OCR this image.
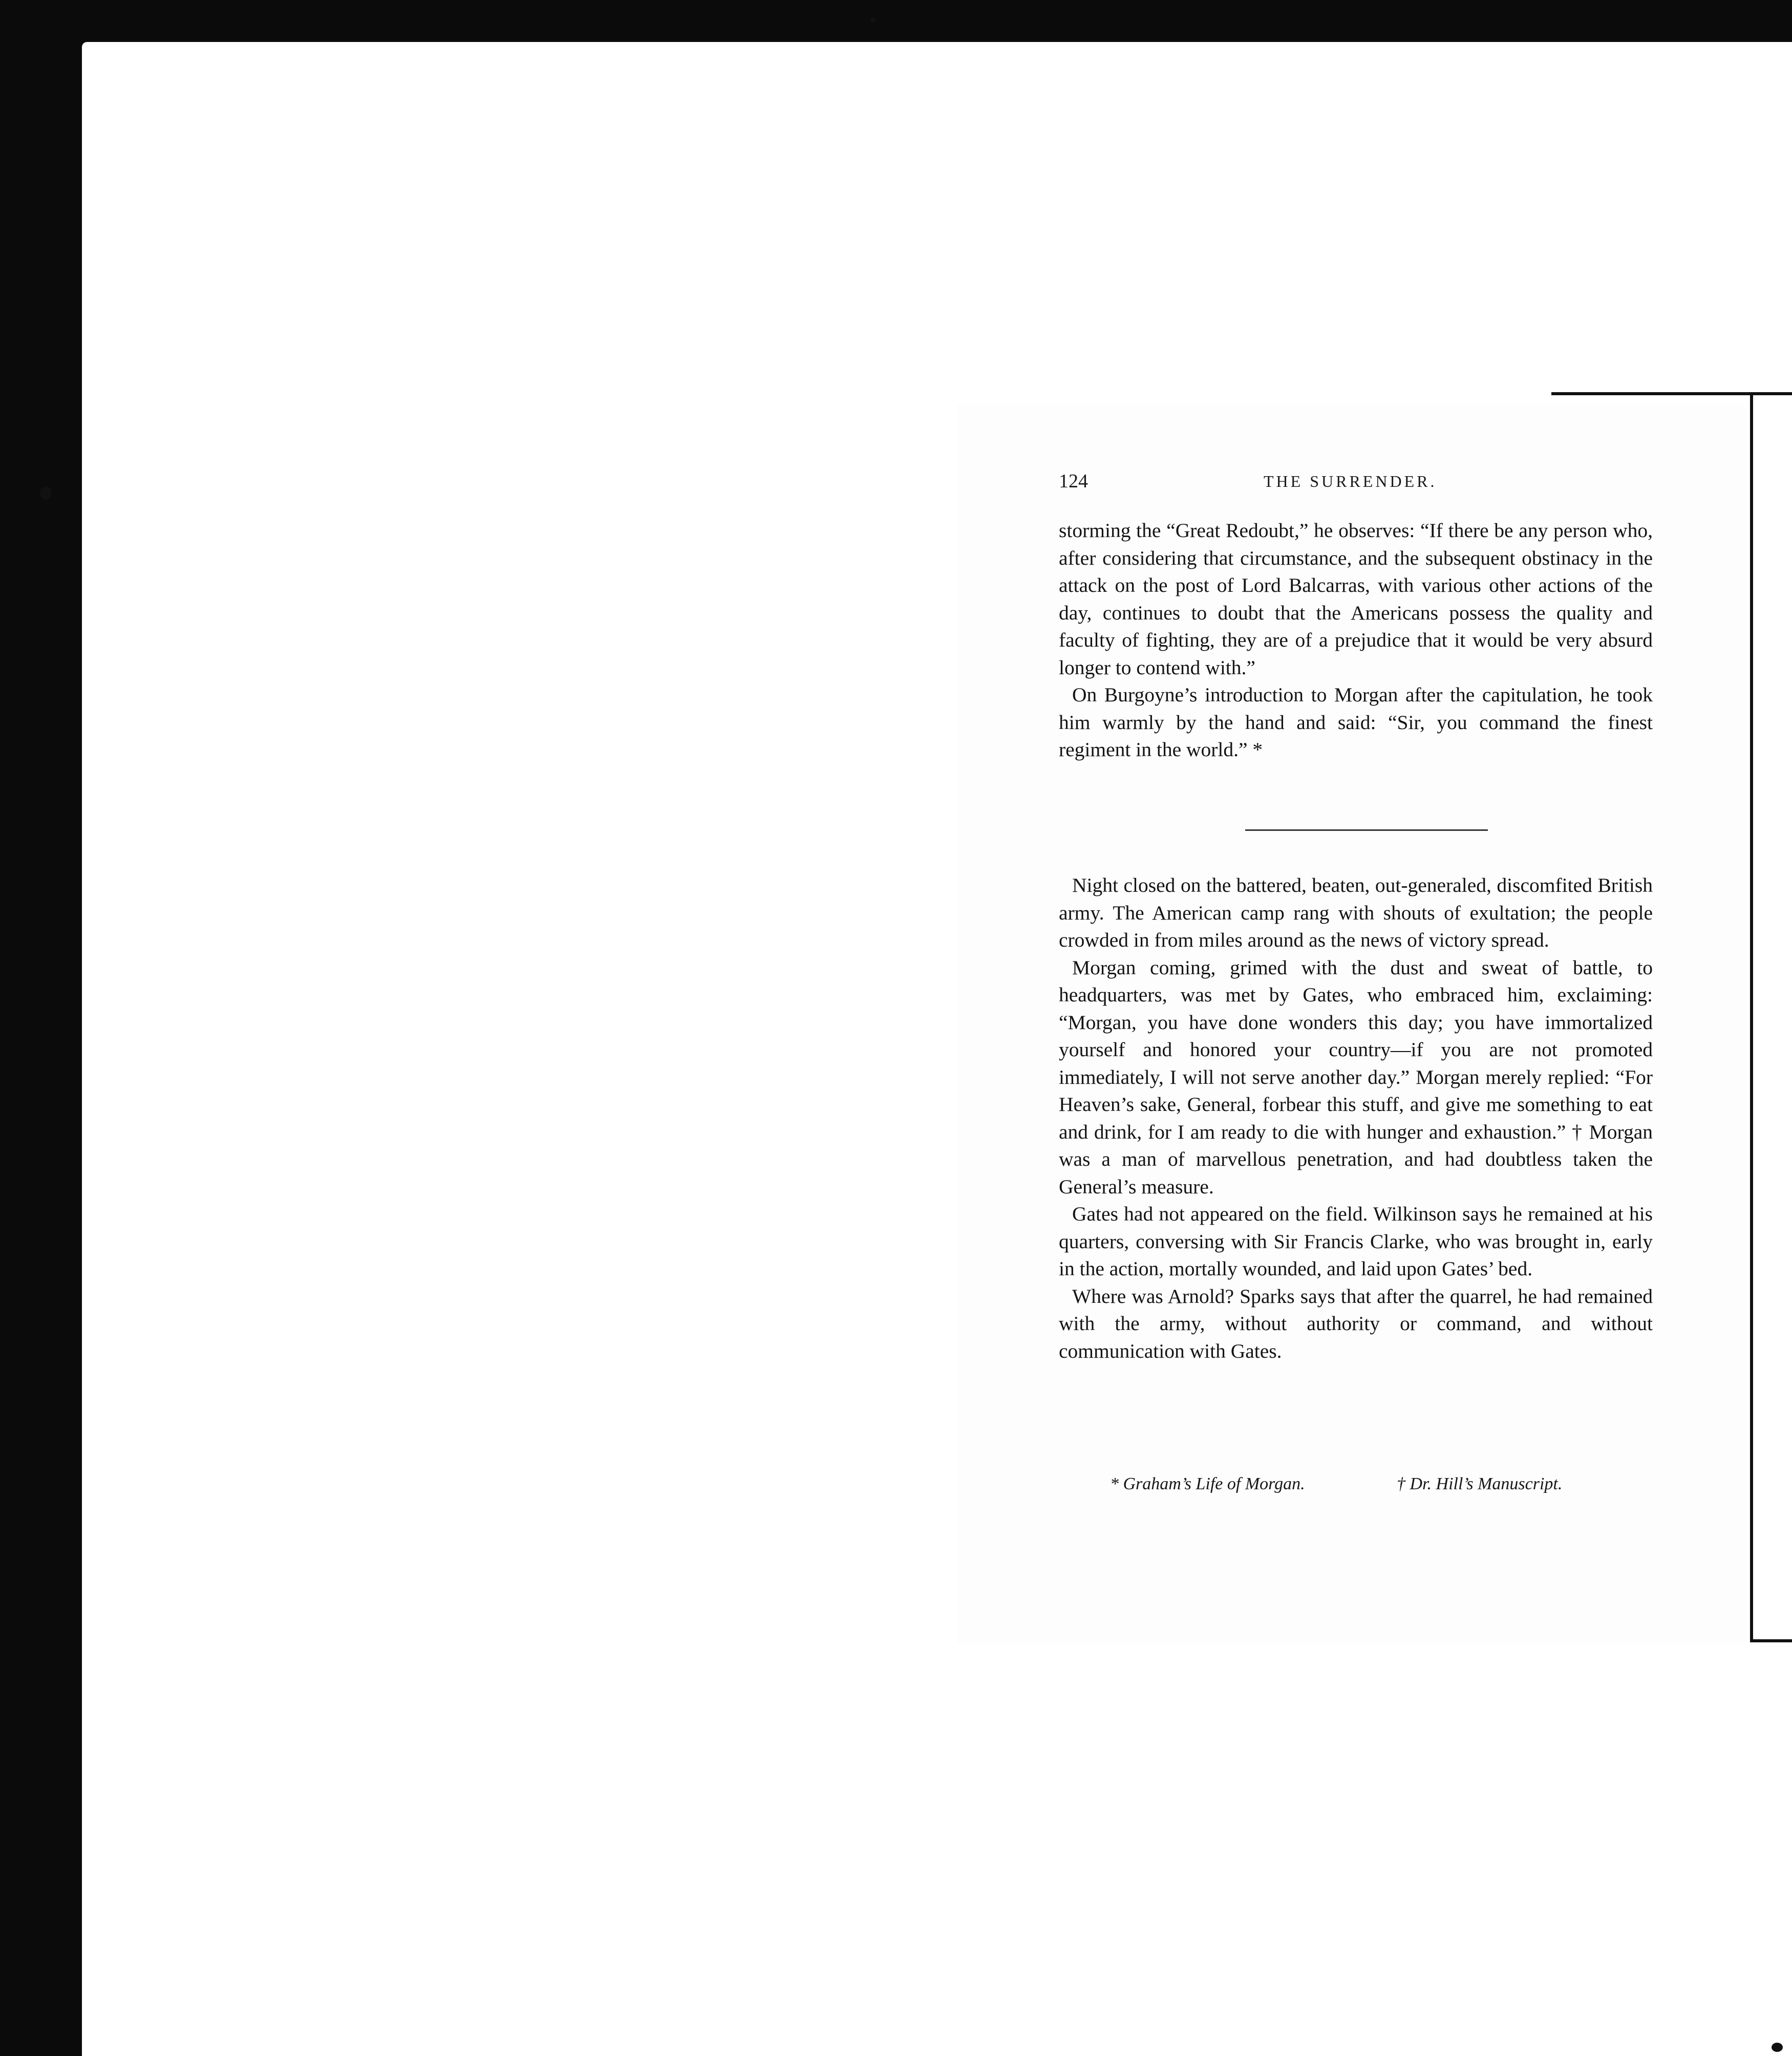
124	THE SURRENDER.

storming the “Great Redoubt,” he observes: “If there be any person who, after considering that circumstance, and the subsequent obstinacy in the attack on the post of Lord Balcarras, with various other actions of the day, continues to doubt that the Americans possess the quality and faculty of fighting, they are of a prejudice that it would be very absurd longer to contend with.”

On Burgoyne’s introduction to Morgan after the capitulation, he took him warmly by the hand and said: “Sir, you command the finest regiment in the world.” *

Night closed on the battered, beaten, out-generaled, discomfited British army. The American camp rang with shouts of exultation; the people crowded in from miles around as the news of victory spread.

Morgan coming, grimed with the dust and sweat of battle, to headquarters, was met by Gates, who embraced him, exclaiming: “Morgan, you have done wonders this day; you have immortalized yourself and honored your country—if you are not promoted immediately, I will not serve another day.” Morgan merely replied: “For Heaven’s sake, General, forbear this stuff, and give me something to eat and drink, for I am ready to die with hunger and exhaustion.” † Morgan was a man of marvellous penetration, and had doubtless taken the General’s measure.

Gates had not appeared on the field. Wilkinson says he remained at his quarters, conversing with Sir Francis Clarke, who was brought in, early in the action, mortally wounded, and laid upon Gates’ bed.

Where was Arnold? Sparks says that after the quarrel, he had remained with the army, without authority or command, and without communication with Gates.

* Graham’s Life of Morgan.	† Dr. Hill’s Manuscript.
